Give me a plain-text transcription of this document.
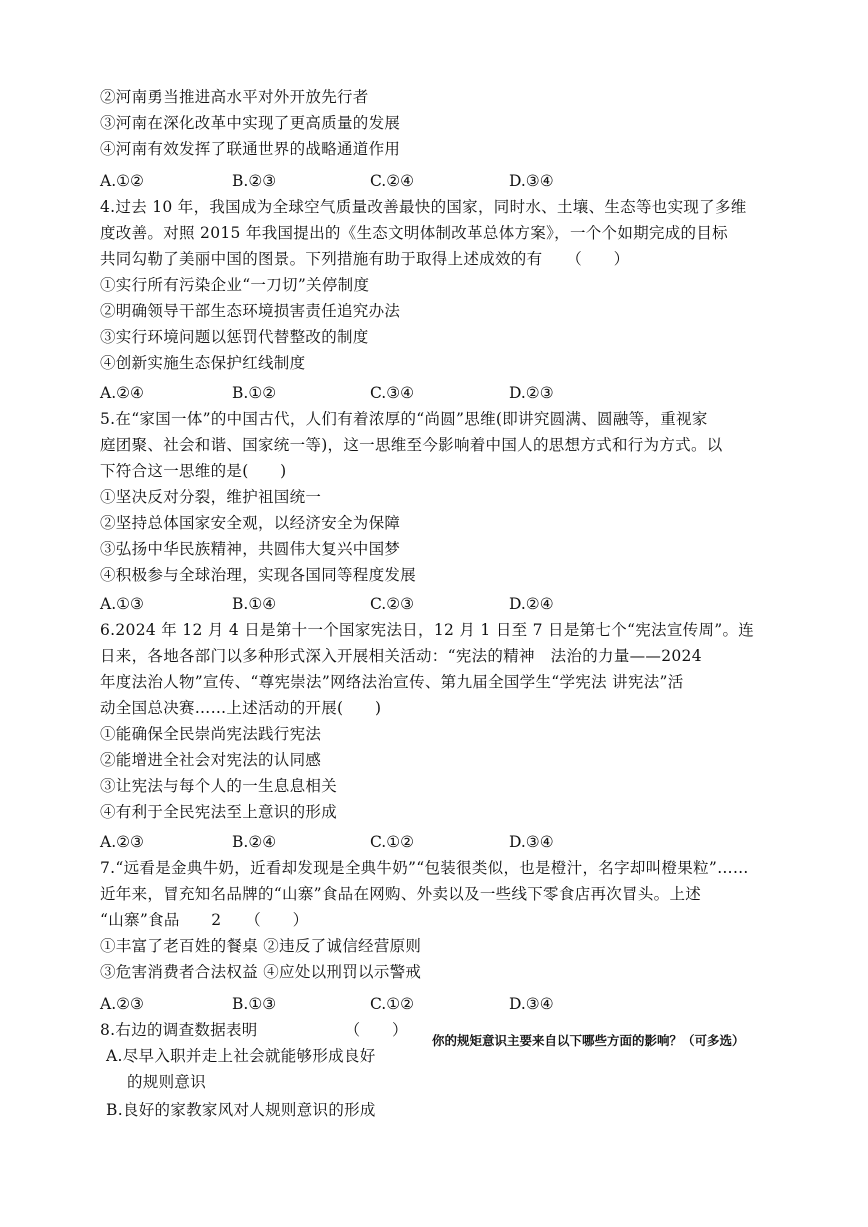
②河南勇当推进高水平对外开放先行者
③河南在深化改革中实现了更高质量的发展
④河南有效发挥了联通世界的战略通道作用
A.①②	B.②③	C.②④	D.③④
4.过去 10 年，我国成为全球空气质量改善最快的国家，同时水、土壤、生态等也实现了多维
度改善。对照 2015 年我国提出的《生态文明体制改革总体方案》，一个个如期完成的目标
共同勾勒了美丽中国的图景。下列措施有助于取得上述成效的有　　（　　）
①实行所有污染企业“一刀切”关停制度
②明确领导干部生态环境损害责任追究办法
③实行环境问题以惩罚代替整改的制度
④创新实施生态保护红线制度
A.②④	B.①②	C.③④	D.②③
5.在“家国一体”的中国古代，人们有着浓厚的“尚圆”思维(即讲究圆满、圆融等，重视家
庭团聚、社会和谐、国家统一等)，这一思维至今影响着中国人的思想方式和行为方式。以
下符合这一思维的是(　　)
①坚决反对分裂，维护祖国统一
②坚持总体国家安全观，以经济安全为保障
③弘扬中华民族精神，共圆伟大复兴中国梦
④积极参与全球治理，实现各国同等程度发展
A.①③	B.①④	C.②③	D.②④
6.2024 年 12 月 4 日是第十一个国家宪法日，12 月 1 日至 7 日是第七个“宪法宣传周”。连
日来，各地各部门以多种形式深入开展相关活动：“宪法的精神　法治的力量——2024
年度法治人物”宣传、“尊宪崇法”网络法治宣传、第九届全国学生“学宪法 讲宪法”活
动全国总决赛……上述活动的开展(　　)
①能确保全民崇尚宪法践行宪法
②能增进全社会对宪法的认同感
③让宪法与每个人的一生息息相关
④有利于全民宪法至上意识的形成
A.②③	B.②④	C.①②	D.③④
7.“远看是金典牛奶，近看却发现是全典牛奶”“包装很类似，也是橙汁，名字却叫橙果粒”……
近年来，冒充知名品牌的“山寨”食品在网购、外卖以及一些线下零食店再次冒头。上述
“山寨”食品　　2　　（　　）
①丰富了老百姓的餐桌 ②违反了诚信经营原则
③危害消费者合法权益 ④应处以刑罚以示警戒
A.②③	B.①③	C.①②	D.③④
8.右边的调查数据表明　　　　　　（　　）
你的规矩意识主要来自以下哪些方面的影响？（可多选）
A.尽早入职并走上社会就能够形成良好
的规则意识
B.良好的家教家风对人规则意识的形成
